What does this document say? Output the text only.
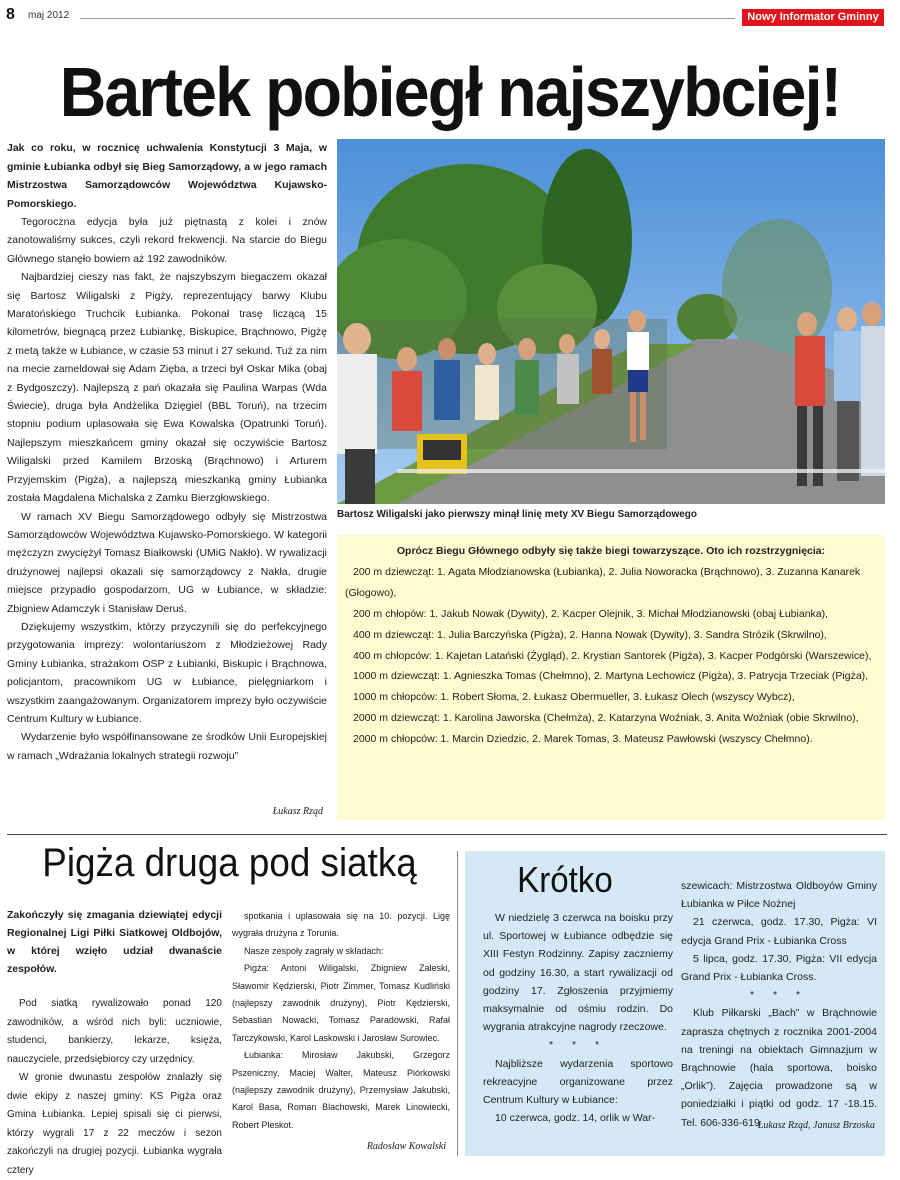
8 maj 2012	Nowy Informator Gminny
Bartek pobiegł najszybciej!
Jak co roku, w rocznicę uchwalenia Konstytucji 3 Maja, w gminie Łubianka odbył się Bieg Samorządowy, a w jego ramach Mistrzostwa Samorządowców Województwa Kujawsko-Pomorskiego.

Tegoroczna edycja była już piętnastą z kolei i znów zanotowaliśmy sukces, czyli rekord frekwencji. Na starcie do Biegu Głównego stanęło bowiem aż 192 zawodników.

Najbardziej cieszy nas fakt, że najszybszym biegaczem okazał się Bartosz Wiligalski z Pigży, reprezentujący barwy Klubu Maratońskiego Truchcik Łubianka. Pokonał trasę liczącą 15 kilometrów, biegnącą przez Łubiankę, Biskupice, Brąchnowo, Pigżę z metą także w Łubiance, w czasie 53 minut i 27 sekund. Tuż za nim na mecie zameldował się Adam Zięba, a trzeci był Oskar Mika (obaj z Bydgoszczy). Najlepszą z pań okazała się Paulina Warpas (Wda Świecie), druga była Andżelika Dzięgiel (BBL Toruń), na trzecim stopniu podium uplasowała się Ewa Kowalska (Opatrunki Toruń). Najlepszym mieszkańcem gminy okazał się oczywiście Bartosz Wiligalski przed Kamilem Brzoską (Brąchnowo) i Arturem Przyjemskim (Pigża), a najlepszą mieszkanką gminy Łubianka została Magdalena Michalska z Zamku Bierzgłowskiego.

W ramach XV Biegu Samorządowego odbyły się Mistrzostwa Samorządowców Województwa Kujawsko-Pomorskiego. W kategorii mężczyzn zwyciężył Tomasz Białkowski (UMiG Nakło). W rywalizacji drużynowej najlepsi okazali się samorządowcy z Nakła, drugie miejsce przypadło gospodarzom, UG w Łubiance, w składzie: Zbigniew Adamczyk i Stanisław Deruś.

Dziękujemy wszystkim, którzy przyczynili się do perfekcyjnego przygotowania imprezy: wolontariuszom z Młodzieżowej Rady Gminy Łubianka, strażakom OSP z Łubianki, Biskupic i Brąchnowa, policjantom, pracownikom UG w Łubiance, pielęgniarkom i wszystkim zaangażowanym. Organizatorem imprezy było oczywiście Centrum Kultury w Łubiance.

Wydarzenie było współfinansowane ze środków Unii Europejskiej w ramach „Wdrażania lokalnych strategii rozwoju”

Łukasz Rząd
Bartosz Wiligalski jako pierwszy minął linię mety XV Biegu Samorządowego
Oprócz Biegu Głównego odbyły się także biegi towarzyszące. Oto ich rozstrzygnięcia:

200 m dziewcząt: 1. Agata Młodzianowska (Łubianka), 2. Julia Noworacka (Brąchnowo), 3. Zuzanna Kanarek (Głogowo),

200 m chłopów: 1. Jakub Nowak (Dywity), 2. Kacper Olejnik, 3. Michał Młodzianowski (obaj Łubianka),

400 m dziewcząt: 1. Julia Barczyńska (Pigża), 2. Hanna Nowak (Dywity), 3. Sandra Strózik (Skrwilno),

400 m chłopców: 1. Kajetan Latański (Żygląd), 2. Krystian Santorek (Pigża), 3. Kacper Podgórski (Warszewice),

1000 m dziewcząt: 1. Agnieszka Tomas (Chełmno), 2. Martyna Lechowicz (Pigża), 3. Patrycja Trzeciak (Pigża),

1000 m chłopców: 1. Robert Słoma, 2. Łukasz Obermueller, 3. Łukasz Olech (wszyscy Wybcz),

2000 m dziewcząt: 1. Karolina Jaworska (Chełmża), 2. Katarzyna Woźniak, 3. Anita Woźniak (obie Skrwilno),

2000 m chłopców: 1. Marcin Dziedzic, 2. Marek Tomas, 3. Mateusz Pawłowski (wszyscy Chełmno).

Pigża druga pod siatką
Zakończyły się zmagania dziewiątej edycji Regionalnej Ligi Piłki Siatkowej Oldbojów, w której wzięło udział dwanaście zespołów.

Pod siatką rywalizowało ponad 120 zawodników, a wśród nich byli: uczniowie, studenci, bankierzy, lekarze, księża, nauczyciele, przedsiębiorcy czy urzędnicy.

W gronie dwunastu zespołów znalazły się dwie ekipy z naszej gminy: KS Pigża oraz Gmina Łubianka. Lepiej spisali się ci pierwsi, którzy wygrali 17 z 22 meczów i sezon zakończyli na drugiej pozycji. Łubianka wygrała cztery

spotkania i uplasowała się na 10. pozycji. Ligę wygrała drużyna z Torunia.

Nasze zespoły zagrały w składach:

Pigża: Antoni Wiligalski, Zbigniew Zaleski, Sławomir Kędzierski, Piotr Zimmer, Tomasz Kudliński (najlepszy zawodnik drużyny), Piotr Kędzierski, Sebastian Nowacki, Tomasz Paradowski, Rafał Tarczykowski, Karol Laskowski i Jarosław Surowiec.

Łubianka: Mirosław Jakubski, Grzegorz Pszeniczny, Maciej Walter, Mateusz Piórkowski (najlepszy zawodnik drużyny), Przemysław Jakubski, Karol Basa, Roman Blachowski, Marek Linowiecki, Robert Pleskot.

Radosław Kowalski
Krótko

W niedzielę 3 czerwca na boisku przy ul. Sportowej w Łubiance odbędzie się XIII Festyn Rodzinny. Zapisy zaczniemy od godziny 16.30, a start rywalizacji od godziny 17. Zgłoszenia przyjmiemy maksymalnie od ośmiu rodzin. Do wygrania atrakcyjne nagrody rzeczowe.

* * *

Najbliższe wydarzenia sportowo rekreacyjne organizowane przez Centrum Kultury w Łubiance:

10 czerwca, godz. 14, orlik w War-

szewicach: Mistrzostwa Oldboyów Gminy Łubianka w Piłce Nożnej

21 czerwca, godz. 17.30, Pigża: VI edycja Grand Prix - Łubianka Cross

5 lipca, godz. 17.30, Pigża: VII edycja Grand Prix - Łubianka Cross.

* * *

Klub Piłkarski „Bach” w Brąchnowie zaprasza chętnych z rocznika 2001-2004 na treningi na obiektach Gimnazjum w Brąchnowie (hala sportowa, boisko „Orlik”). Zajęcia prowadzone są w poniedziałki i piątki od godz. 17 -18.15. Tel. 606-336-619

Łukasz Rząd, Janusz Brzoska
